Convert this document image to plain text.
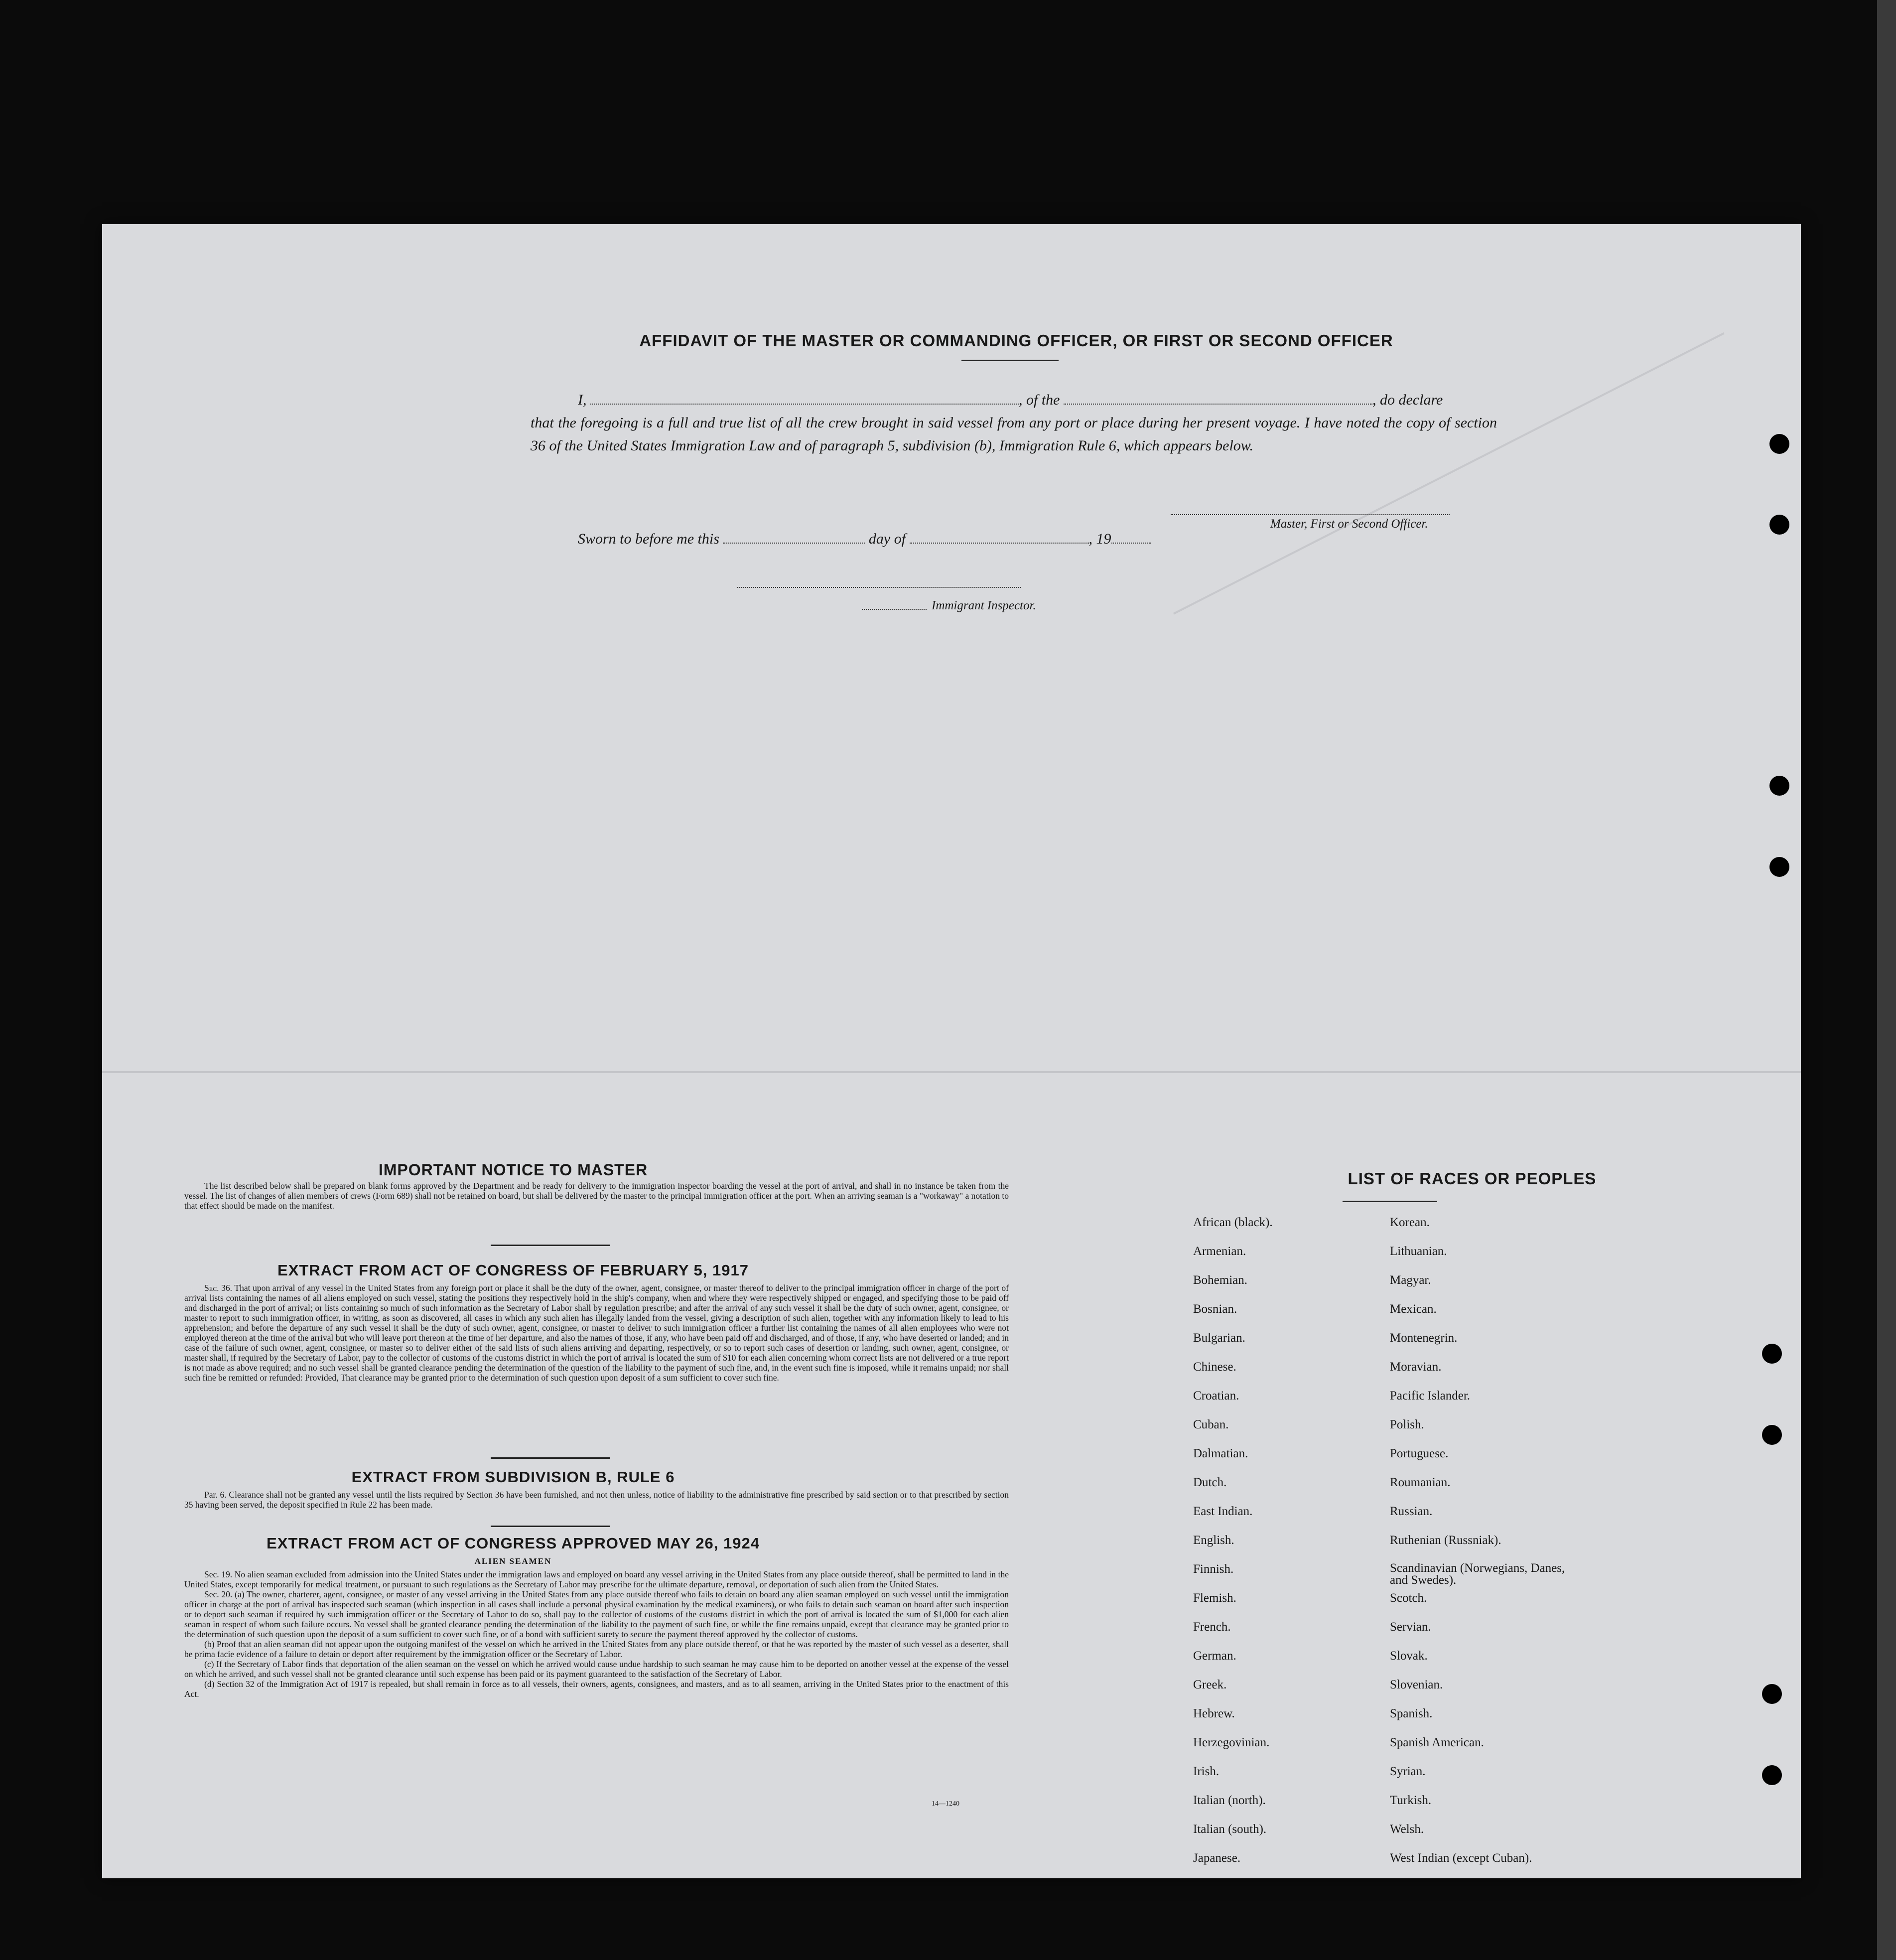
AFFIDAVIT OF THE MASTER OR COMMANDING OFFICER, OR FIRST OR SECOND OFFICER
I,	, of the	, do declare
that the foregoing is a full and true list of all the crew brought in said vessel from any port or place during her present voyage. I have noted the copy of section 36 of the United States Immigration Law and of paragraph 5, subdivision (b), Immigration Rule 6, which appears below.
Master, First or Second Officer.
Sworn to before me this	day of	, 19
Immigrant Inspector.
IMPORTANT NOTICE TO MASTER
The list described below shall be prepared on blank forms approved by the Department and be ready for delivery to the immigration inspector boarding the vessel at the port of arrival, and shall in no instance be taken from the vessel. The list of changes of alien members of crews (Form 689) shall not be retained on board, but shall be delivered by the master to the principal immigration officer at the port. When an arriving seaman is a "workaway" a notation to that effect should be made on the manifest.
EXTRACT FROM ACT OF CONGRESS OF FEBRUARY 5, 1917
Sec. 36. That upon arrival of any vessel in the United States from any foreign port or place it shall be the duty of the owner, agent, consignee, or master thereof to deliver to the principal immigration officer in charge of the port of arrival lists containing the names of all aliens employed on such vessel, stating the positions they respectively hold in the ship's company, when and where they were respectively shipped or engaged, and specifying those to be paid off and discharged in the port of arrival; or lists containing so much of such information as the Secretary of Labor shall by regulation prescribe; and after the arrival of any such vessel it shall be the duty of such owner, agent, consignee, or master to report to such immigration officer, in writing, as soon as discovered, all cases in which any such alien has illegally landed from the vessel, giving a description of such alien, together with any information likely to lead to his apprehension; and before the departure of any such vessel it shall be the duty of such owner, agent, consignee, or master to deliver to such immigration officer a further list containing the names of all alien employees who were not employed thereon at the time of the arrival but who will leave port thereon at the time of her departure, and also the names of those, if any, who have been paid off and discharged, and of those, if any, who have deserted or landed; and in case of the failure of such owner, agent, consignee, or master so to deliver either of the said lists of such aliens arriving and departing, respectively, or so to report such cases of desertion or landing, such owner, agent, consignee, or master shall, if required by the Secretary of Labor, pay to the collector of customs of the customs district in which the port of arrival is located the sum of $10 for each alien concerning whom correct lists are not delivered or a true report is not made as above required; and no such vessel shall be granted clearance pending the determination of the question of the liability to the payment of such fine, and, in the event such fine is imposed, while it remains unpaid; nor shall such fine be remitted or refunded: Provided, That clearance may be granted prior to the determination of such question upon deposit of a sum sufficient to cover such fine.
EXTRACT FROM SUBDIVISION B, RULE 6
Par. 6. Clearance shall not be granted any vessel until the lists required by Section 36 have been furnished, and not then unless, notice of liability to the administrative fine prescribed by said section or to that prescribed by section 35 having been served, the deposit specified in Rule 22 has been made.
EXTRACT FROM ACT OF CONGRESS APPROVED MAY 26, 1924
ALIEN SEAMEN
Sec. 19. No alien seaman excluded from admission into the United States under the immigration laws and employed on board any vessel arriving in the United States from any place outside thereof, shall be permitted to land in the United States, except temporarily for medical treatment, or pursuant to such regulations as the Secretary of Labor may prescribe for the ultimate departure, removal, or deportation of such alien from the United States.
Sec. 20. (a) The owner, charterer, agent, consignee, or master of any vessel arriving in the United States from any place outside thereof who fails to detain on board any alien seaman employed on such vessel until the immigration officer in charge at the port of arrival has inspected such seaman (which inspection in all cases shall include a personal physical examination by the medical examiners), or who fails to detain such seaman on board after such inspection or to deport such seaman if required by such immigration officer or the Secretary of Labor to do so, shall pay to the collector of customs of the customs district in which the port of arrival is located the sum of $1,000 for each alien seaman in respect of whom such failure occurs. No vessel shall be granted clearance pending the determination of the liability to the payment of such fine, or while the fine remains unpaid, except that clearance may be granted prior to the determination of such question upon the deposit of a sum sufficient to cover such fine, or of a bond with sufficient surety to secure the payment thereof approved by the collector of customs.
(b) Proof that an alien seaman did not appear upon the outgoing manifest of the vessel on which he arrived in the United States from any place outside thereof, or that he was reported by the master of such vessel as a deserter, shall be prima facie evidence of a failure to detain or deport after requirement by the immigration officer or the Secretary of Labor.
(c) If the Secretary of Labor finds that deportation of the alien seaman on the vessel on which he arrived would cause undue hardship to such seaman he may cause him to be deported on another vessel at the expense of the vessel on which he arrived, and such vessel shall not be granted clearance until such expense has been paid or its payment guaranteed to the satisfaction of the Secretary of Labor.
(d) Section 32 of the Immigration Act of 1917 is repealed, but shall remain in force as to all vessels, their owners, agents, consignees, and masters, and as to all seamen, arriving in the United States prior to the enactment of this Act.
14—1240
LIST OF RACES OR PEOPLES
African (black).
Armenian.
Bohemian.
Bosnian.
Bulgarian.
Chinese.
Croatian.
Cuban.
Dalmatian.
Dutch.
East Indian.
English.
Finnish.
Flemish.
French.
German.
Greek.
Hebrew.
Herzegovinian.
Irish.
Italian (north).
Italian (south).
Japanese.
Korean.
Lithuanian.
Magyar.
Mexican.
Montenegrin.
Moravian.
Pacific Islander.
Polish.
Portuguese.
Roumanian.
Russian.
Ruthenian (Russniak).
Scandinavian (Norwegians, Danes, and Swedes).
Scotch.
Servian.
Slovak.
Slovenian.
Spanish.
Spanish American.
Syrian.
Turkish.
Welsh.
West Indian (except Cuban).
